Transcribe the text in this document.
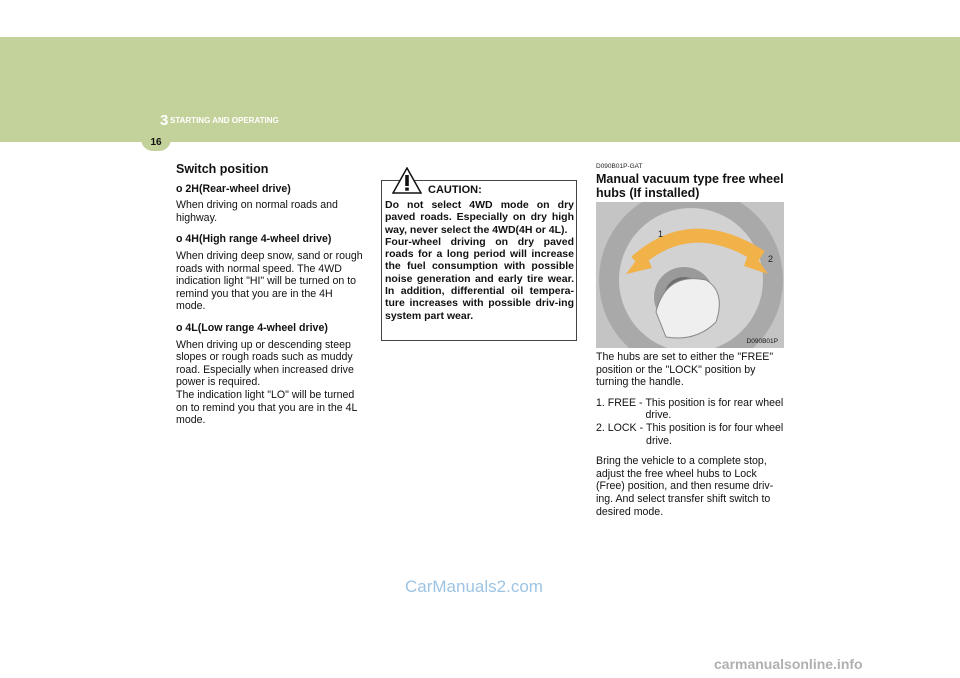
3 STARTING AND OPERATING
16

Switch position

o 2H(Rear-wheel drive)

When driving on normal roads and highway.

o 4H(High range 4-wheel drive)

When driving deep snow, sand or rough roads with normal speed. The 4WD indication light "HI" will be turned on to remind you that you are in the 4H mode.

o 4L(Low range 4-wheel drive)

When driving up or descending steep slopes or rough roads such as muddy road. Especially when increased drive power is required.

The indication light "LO" will be turned on to remind you that you are in the 4L mode.

CAUTION:
Do not select 4WD mode on dry paved roads. Especially on dry high way, never select the 4WD(4H or 4L).
Four-wheel driving on dry paved roads for a long period will increase the fuel consumption with possible noise generation and early tire wear. In addition, differential oil tempera-ture increases with possible driv-ing system part wear.

D090B01P-GAT

Manual vacuum type free wheel hubs (If installed)

1
2
D090B01P

The hubs are set to either the "FREE" position or the "LOCK" position by turning the handle.

1. FREE - This position is for rear wheel drive.
2. LOCK - This position is for four wheel drive.

Bring the vehicle to a complete stop, adjust the free wheel hubs to Lock (Free) position, and then resume driv-ing. And select transfer shift switch to desired mode.

CarManuals2.com
carmanualsonline.info
